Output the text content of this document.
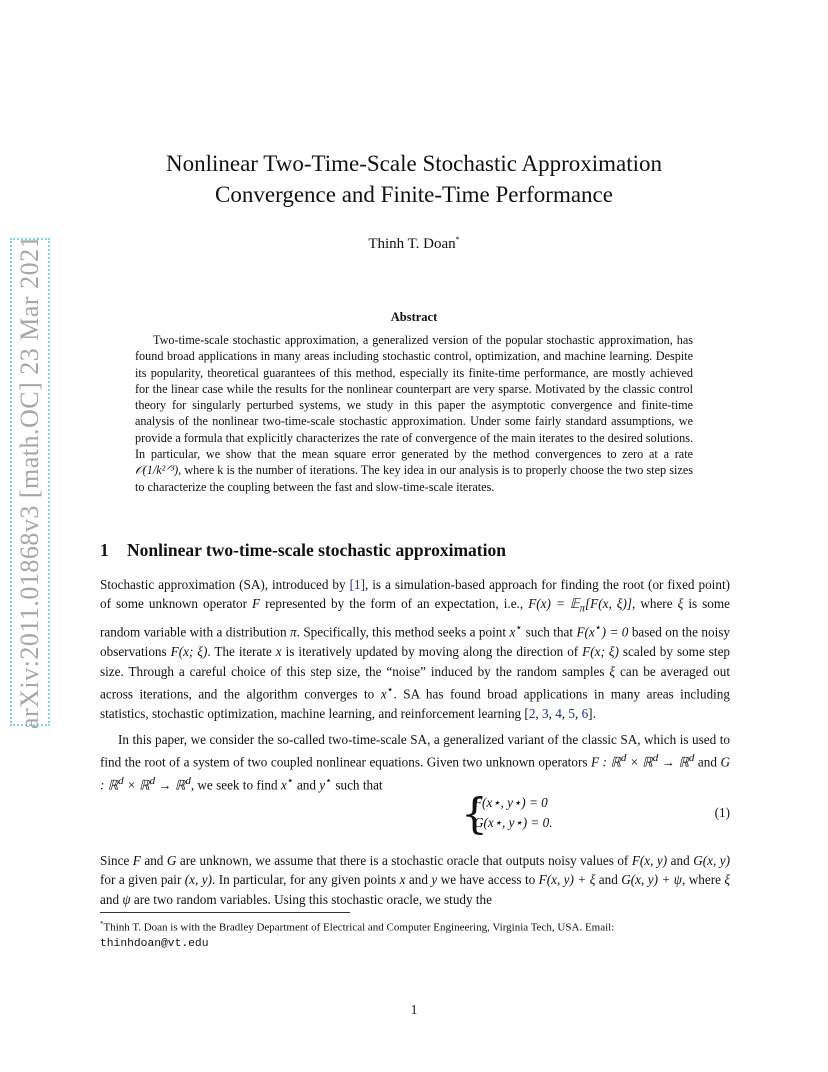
arXiv:2011.01868v3 [math.OC] 23 Mar 2021
Nonlinear Two-Time-Scale Stochastic Approximation
Convergence and Finite-Time Performance
Thinh T. Doan*
Abstract
Two-time-scale stochastic approximation, a generalized version of the popular stochastic approximation, has found broad applications in many areas including stochastic control, optimization, and machine learning. Despite its popularity, theoretical guarantees of this method, especially its finite-time performance, are mostly achieved for the linear case while the results for the nonlinear counterpart are very sparse. Motivated by the classic control theory for singularly perturbed systems, we study in this paper the asymptotic convergence and finite-time analysis of the nonlinear two-time-scale stochastic approximation. Under some fairly standard assumptions, we provide a formula that explicitly characterizes the rate of convergence of the main iterates to the desired solutions. In particular, we show that the mean square error generated by the method convergences to zero at a rate 𝒪(1/k²ᐟ³), where k is the number of iterations. The key idea in our analysis is to properly choose the two step sizes to characterize the coupling between the fast and slow-time-scale iterates.
1 Nonlinear two-time-scale stochastic approximation
Stochastic approximation (SA), introduced by [1], is a simulation-based approach for finding the root (or fixed point) of some unknown operator F represented by the form of an expectation, i.e., F(x) = 𝔼$_\pi$[F(x, ξ)], where ξ is some random variable with a distribution π. Specifically, this method seeks a point x⋆ such that F(x⋆) = 0 based on the noisy observations F(x; ξ). The iterate x is iteratively updated by moving along the direction of F(x; ξ) scaled by some step size. Through a careful choice of this step size, the “noise” induced by the random samples ξ can be averaged out across iterations, and the algorithm converges to x⋆. SA has found broad applications in many areas including statistics, stochastic optimization, machine learning, and reinforcement learning [2, 3, 4, 5, 6].
In this paper, we consider the so-called two-time-scale SA, a generalized variant of the classic SA, which is used to find the root of a system of two coupled nonlinear equations. Given two unknown operators F : ℝ$^d$ × ℝ$^d$ → ℝ$^d$ and G : ℝ$^d$ × ℝ$^d$ → ℝ$^d$, we seek to find x⋆ and y⋆ such that
{
F(x⋆, y⋆) = 0
G(x⋆, y⋆) = 0.
(1)
Since F and G are unknown, we assume that there is a stochastic oracle that outputs noisy values of F(x, y) and G(x, y) for a given pair (x, y). In particular, for any given points x and y we have access to F(x, y) + ξ and G(x, y) + ψ, where ξ and ψ are two random variables. Using this stochastic oracle, we study the
*Thinh T. Doan is with the Bradley Department of Electrical and Computer Engineering, Virginia Tech, USA. Email:
thinhdoan@vt.edu
1
